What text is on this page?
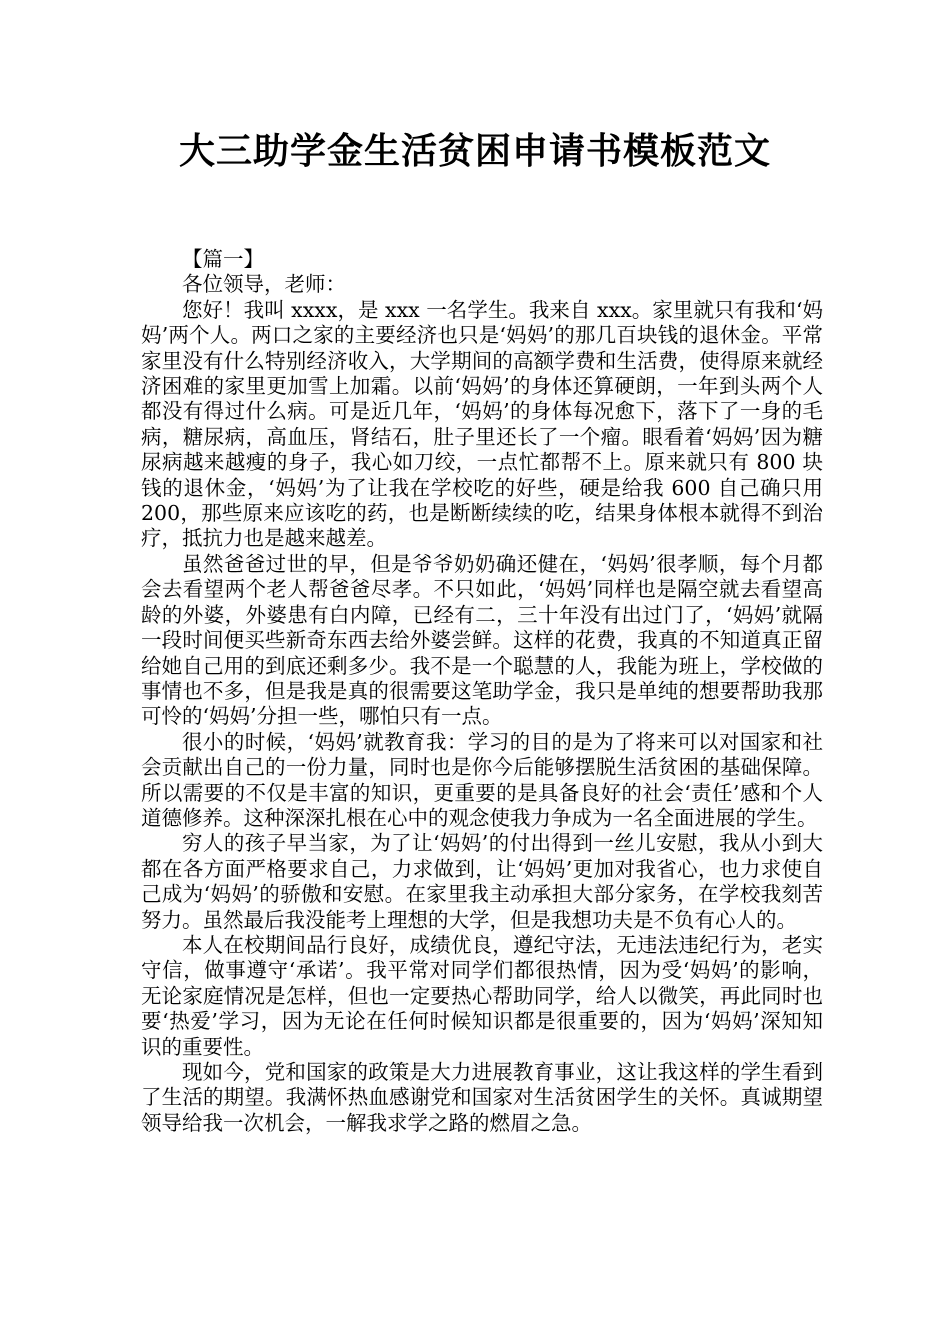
大三助学金生活贫困申请书模板范文

【篇一】

各位领导，老师：

您好！我叫 xxxx，是 xxx 一名学生。我来自 xxx。家里就只有我和‘妈妈’两个人。两口之家的主要经济也只是‘妈妈’的那几百块钱的退休金。平常家里没有什么特别经济收入，大学期间的高额学费和生活费，使得原来就经济困难的家里更加雪上加霜。以前‘妈妈’的身体还算硬朗，一年到头两个人都没有得过什么病。可是近几年，‘妈妈’的身体每况愈下，落下了一身的毛病，糖尿病，高血压，肾结石，肚子里还长了一个瘤。眼看着‘妈妈’因为糖尿病越来越瘦的身子，我心如刀绞，一点忙都帮不上。原来就只有 800 块钱的退休金，‘妈妈’为了让我在学校吃的好些，硬是给我 600 自己确只用 200，那些原来应该吃的药，也是断断续续的吃，结果身体根本就得不到治疗，抵抗力也是越来越差。

虽然爸爸过世的早，但是爷爷奶奶确还健在，‘妈妈’很孝顺，每个月都会去看望两个老人帮爸爸尽孝。不只如此，‘妈妈’同样也是隔空就去看望高龄的外婆，外婆患有白内障，已经有二，三十年没有出过门了，‘妈妈’就隔一段时间便买些新奇东西去给外婆尝鲜。这样的花费，我真的不知道真正留给她自己用的到底还剩多少。我不是一个聪慧的人，我能为班上，学校做的事情也不多，但是我是真的很需要这笔助学金，我只是单纯的想要帮助我那可怜的‘妈妈’分担一些，哪怕只有一点。

很小的时候，‘妈妈’就教育我：学习的目的是为了将来可以对国家和社会贡献出自己的一份力量，同时也是你今后能够摆脱生活贫困的基础保障。所以需要的不仅是丰富的知识，更重要的是具备良好的社会‘责任’感和个人道德修养。这种深深扎根在心中的观念使我力争成为一名全面进展的学生。

穷人的孩子早当家，为了让‘妈妈’的付出得到一丝儿安慰，我从小到大都在各方面严格要求自己，力求做到，让‘妈妈’更加对我省心，也力求使自己成为‘妈妈’的骄傲和安慰。在家里我主动承担大部分家务，在学校我刻苦努力。虽然最后我没能考上理想的大学，但是我想功夫是不负有心人的。

本人在校期间品行良好，成绩优良，遵纪守法，无违法违纪行为，老实守信，做事遵守‘承诺’。我平常对同学们都很热情，因为受‘妈妈’的影响，无论家庭情况是怎样，但也一定要热心帮助同学，给人以微笑，再此同时也要‘热爱’学习，因为无论在任何时候知识都是很重要的，因为‘妈妈’深知知识的重要性。

现如今，党和国家的政策是大力进展教育事业，这让我这样的学生看到了生活的期望。我满怀热血感谢党和国家对生活贫困学生的关怀。真诚期望领导给我一次机会，一解我求学之路的燃眉之急。
